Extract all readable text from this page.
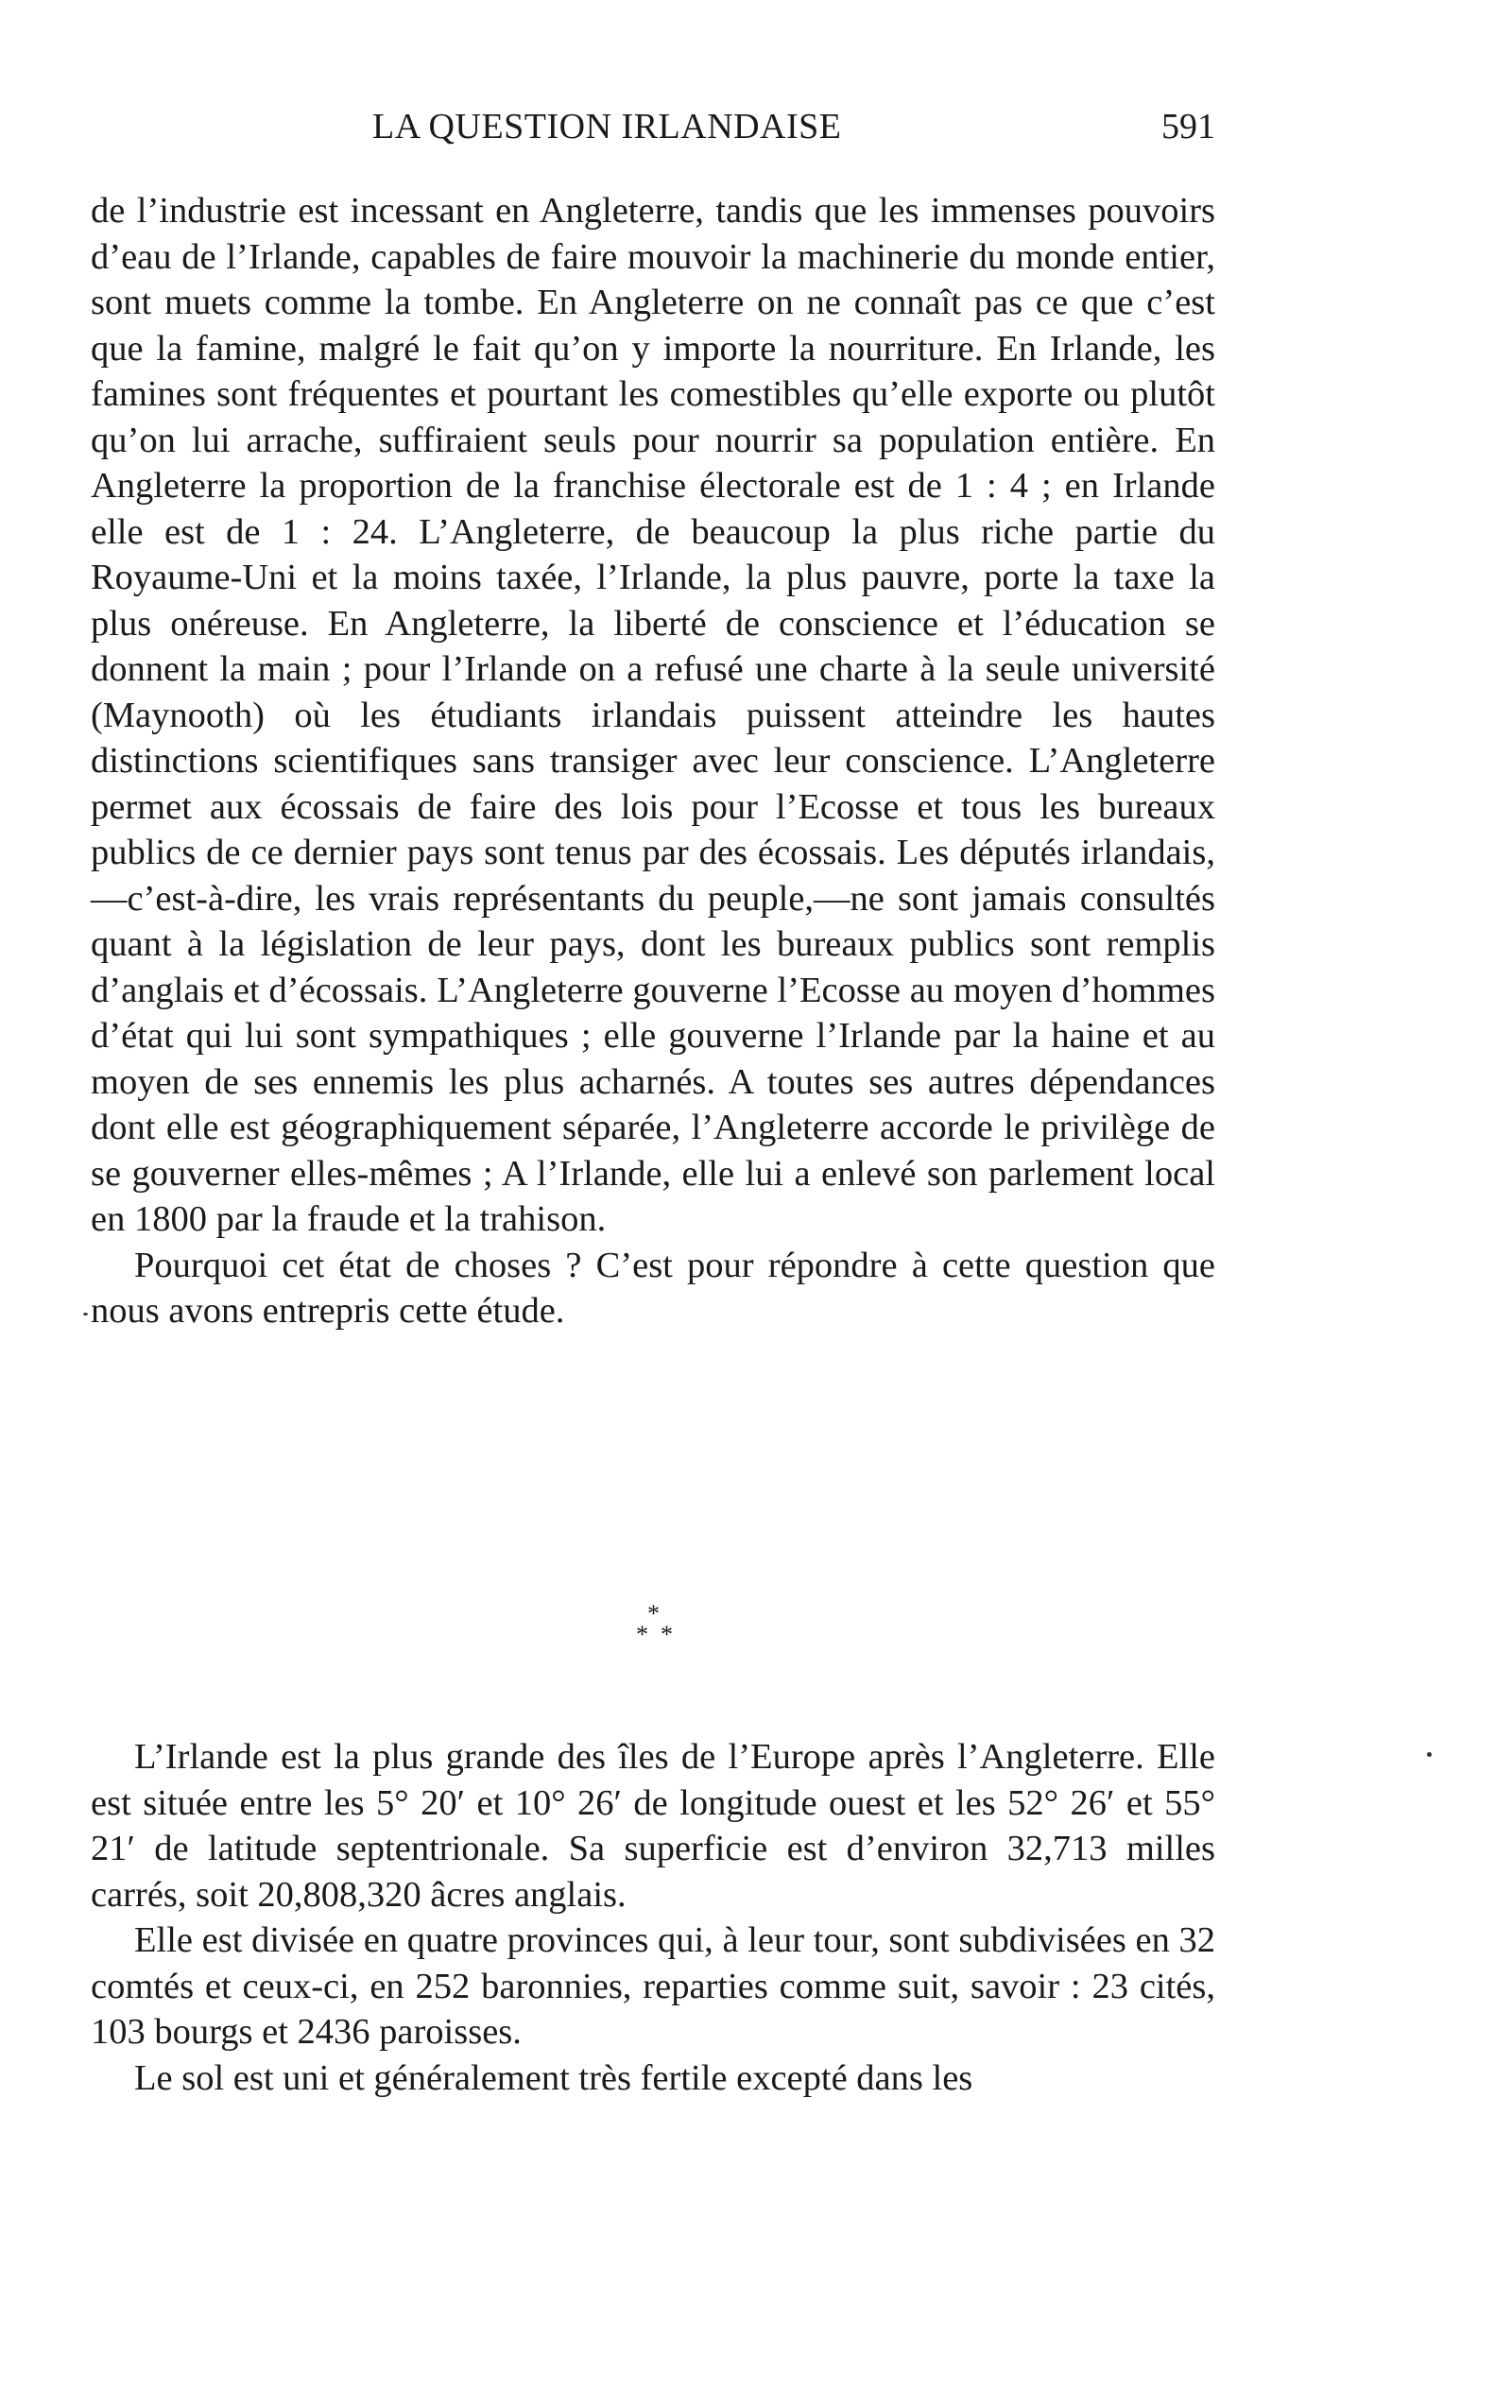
LA QUESTION IRLANDAISE	591

de l’industrie est incessant en Angleterre, tandis que les immenses pouvoirs d’eau de l’Irlande, capables de faire mouvoir la machinerie du monde entier, sont muets comme la tombe. En Angleterre on ne connaît pas ce que c’est que la famine, malgré le fait qu’on y importe la nourriture. En Irlande, les famines sont fréquentes et pourtant les comestibles qu’elle exporte ou plutôt qu’on lui arrache, suffiraient seuls pour nourrir sa population entière. En Angleterre la proportion de la franchise électorale est de 1 : 4 ; en Irlande elle est de 1 : 24. L’Angleterre, de beaucoup la plus riche partie du Royaume-Uni et la moins taxée, l’Irlande, la plus pauvre, porte la taxe la plus onéreuse. En Angleterre, la liberté de conscience et l’éducation se donnent la main ; pour l’Irlande on a refusé une charte à la seule université (Maynooth) où les étudiants irlandais puissent atteindre les hautes distinctions scientifiques sans transiger avec leur conscience. L’Angleterre permet aux écossais de faire des lois pour l’Ecosse et tous les bureaux publics de ce dernier pays sont tenus par des écossais. Les députés irlandais,—c’est-à-dire, les vrais représentants du peuple,—ne sont jamais consultés quant à la législation de leur pays, dont les bureaux publics sont remplis d’anglais et d’écossais. L’Angleterre gouverne l’Ecosse au moyen d’hommes d’état qui lui sont sympathiques ; elle gouverne l’Irlande par la haine et au moyen de ses ennemis les plus acharnés. A toutes ses autres dépendances dont elle est géographiquement séparée, l’Angleterre accorde le privilège de se gouverner elles-mêmes ; A l’Irlande, elle lui a enlevé son parlement local en 1800 par la fraude et la trahison.

Pourquoi cet état de choses ? C’est pour répondre à cette question que nous avons entrepris cette étude.

*
* *

L’Irlande est la plus grande des îles de l’Europe après l’Angleterre. Elle est située entre les 5° 20′ et 10° 26′ de longitude ouest et les 52° 26′ et 55° 21′ de latitude septentrionale. Sa superficie est d’environ 32,713 milles carrés, soit 20,808,320 âcres anglais.

Elle est divisée en quatre provinces qui, à leur tour, sont subdivisées en 32 comtés et ceux-ci, en 252 baronnies, reparties comme suit, savoir : 23 cités, 103 bourgs et 2436 paroisses.

Le sol est uni et généralement très fertile excepté dans les
